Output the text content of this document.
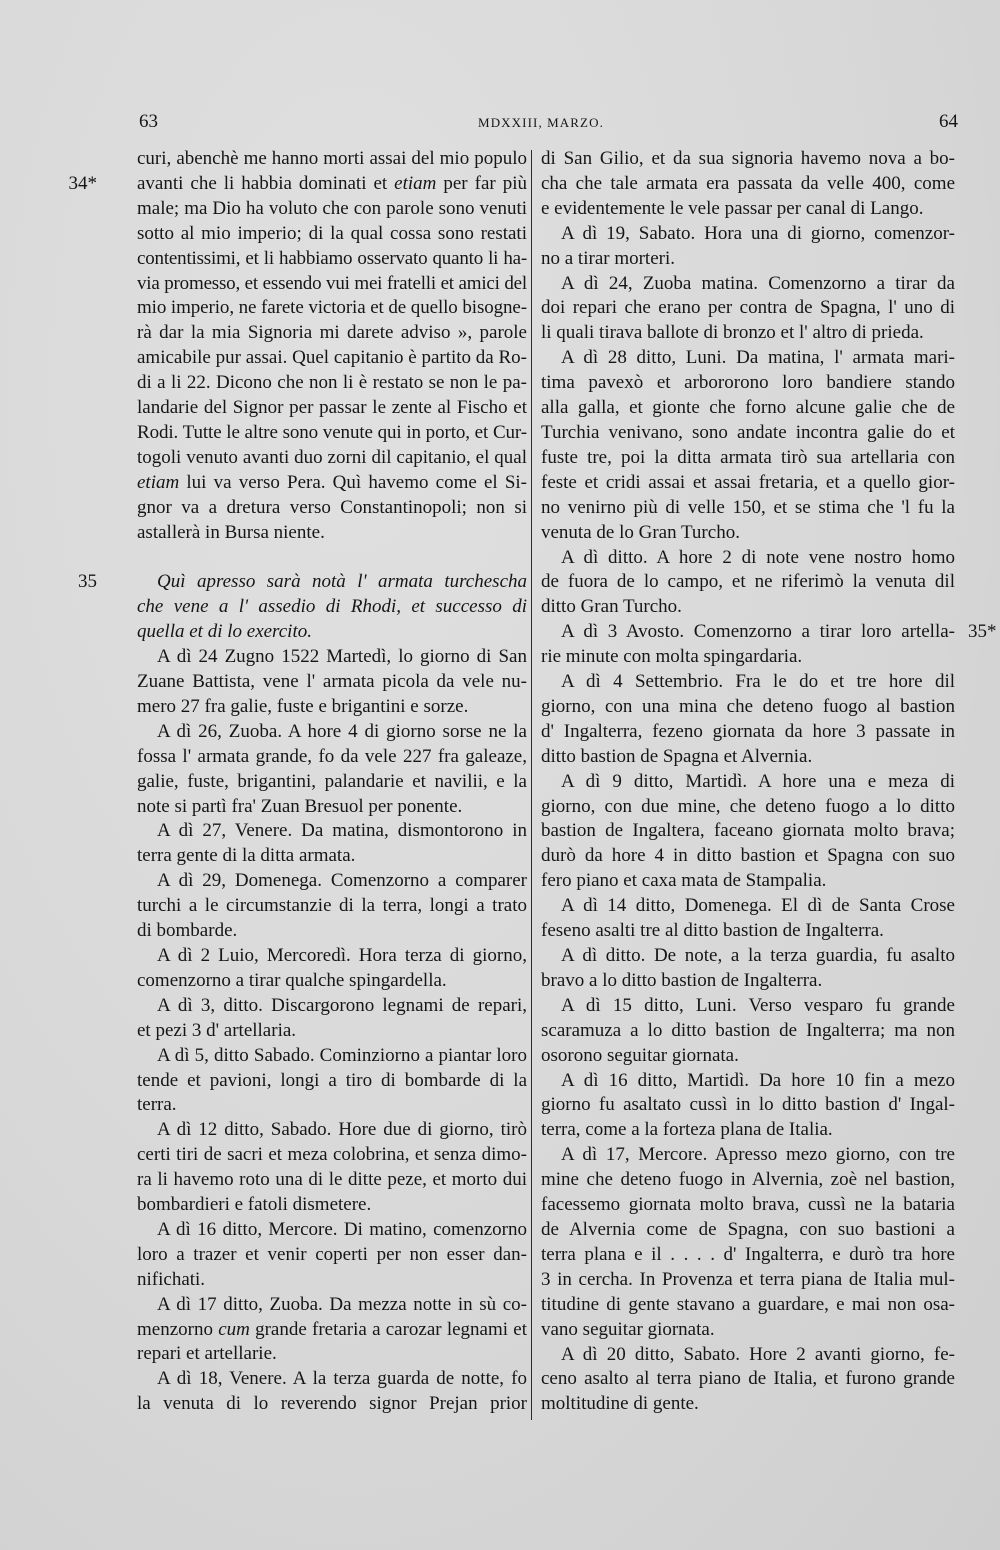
63	MDXXIII, MARZO.	64
curi, abenchè me hanno morti assai del mio populo
avanti che li habbia dominati et etiam per far più
34*
male; ma Dio ha voluto che con parole sono venuti
sotto al mio imperio; di la qual cossa sono restati
contentissimi, et li habbiamo osservato quanto li ha-
via promesso, et essendo vui mei fratelli et amici del
mio imperio, ne farete victoria et de quello bisogne-
rà dar la mia Signoria mi darete adviso », parole
amicabile pur assai. Quel capitanio è partito da Ro-
di a li 22. Dicono che non li è restato se non le pa-
landarie del Signor per passar le zente al Fischo et
Rodi. Tutte le altre sono venute qui in porto, et Cur-
togoli venuto avanti duo zorni dil capitanio, el qual
etiam lui va verso Pera. Quì havemo come el Si-
gnor va a dretura verso Constantinopoli; non si
astallerà in Bursa niente.
Quì apresso sarà notà l' armata turchescha
35
che vene a l' assedio di Rhodi, et successo di
quella et di lo exercito.
A dì 24 Zugno 1522 Martedì, lo giorno di San
Zuane Battista, vene l' armata picola da vele nu-
mero 27 fra galie, fuste e brigantini e sorze.
A dì 26, Zuoba. A hore 4 di giorno sorse ne la
fossa l' armata grande, fo da vele 227 fra galeaze,
galie, fuste, brigantini, palandarie et navilii, e la
note si partì fra' Zuan Bresuol per ponente.
A dì 27, Venere. Da matina, dismontorono in
terra gente di la ditta armata.
A dì 29, Domenega. Comenzorno a comparer
turchi a le circumstanzie di la terra, longi a trato
di bombarde.
A dì 2 Luio, Mercoredì. Hora terza di giorno,
comenzorno a tirar qualche spingardella.
A dì 3, ditto. Discargorono legnami de repari,
et pezi 3 d' artellaria.
A dì 5, ditto Sabado. Cominziorno a piantar loro
tende et pavioni, longi a tiro di bombarde di la
terra.
A dì 12 ditto, Sabado. Hore due di giorno, tirò
certi tiri de sacri et meza colobrina, et senza dimo-
ra li havemo roto una di le ditte peze, et morto dui
bombardieri e fatoli dismetere.
A dì 16 ditto, Mercore. Di matino, comenzorno
loro a trazer et venir coperti per non esser dan-
nifichati.
A dì 17 ditto, Zuoba. Da mezza notte in sù co-
menzorno cum grande fretaria a carozar legnami et
repari et artellarie.
A dì 18, Venere. A la terza guarda de notte, fo
la venuta di lo reverendo signor Prejan prior
di San Gilio, et da sua signoria havemo nova a bo-
cha che tale armata era passata da velle 400, come
e evidentemente le vele passar per canal di Lango.
A dì 19, Sabato. Hora una di giorno, comenzor-
no a tirar morteri.
A dì 24, Zuoba matina. Comenzorno a tirar da
doi repari che erano per contra de Spagna, l' uno di
li quali tirava ballote di bronzo et l' altro di prieda.
A dì 28 ditto, Luni. Da matina, l' armata mari-
tima pavexò et arbororono loro bandiere stando
alla galla, et gionte che forno alcune galie che de
Turchia venivano, sono andate incontra galie do et
fuste tre, poi la ditta armata tirò sua artellaria con
feste et cridi assai et assai fretaria, et a quello gior-
no venirno più di velle 150, et se stima che 'l fu la
venuta de lo Gran Turcho.
A dì ditto. A hore 2 di note vene nostro homo
de fuora de lo campo, et ne riferimò la venuta dil
ditto Gran Turcho.
A dì 3 Avosto. Comenzorno a tirar loro artella- 35*
rie minute con molta spingardaria.
A dì 4 Settembrio. Fra le do et tre hore dil
giorno, con una mina che deteno fuogo al bastion
d' Ingalterra, fezeno giornata da hore 3 passate in
ditto bastion de Spagna et Alvernia.
A dì 9 ditto, Martidì. A hore una e meza di
giorno, con due mine, che deteno fuogo a lo ditto
bastion de Ingaltera, faceano giornata molto brava;
durò da hore 4 in ditto bastion et Spagna con suo
fero piano et caxa mata de Stampalia.
A dì 14 ditto, Domenega. El dì de Santa Crose
feseno asalti tre al ditto bastion de Ingalterra.
A dì ditto. De note, a la terza guardia, fu asalto
bravo a lo ditto bastion de Ingalterra.
A dì 15 ditto, Luni. Verso vesparo fu grande
scaramuza a lo ditto bastion de Ingalterra; ma non
osorono seguitar giornata.
A dì 16 ditto, Martidì. Da hore 10 fin a mezo
giorno fu asaltato cussì in lo ditto bastion d' Ingal-
terra, come a la forteza plana de Italia.
A dì 17, Mercore. Apresso mezo giorno, con tre
mine che deteno fuogo in Alvernia, zoè nel bastion,
facessemo giornata molto brava, cussì ne la bataria
de Alvernia come de Spagna, con suo bastioni a
terra plana e il . . . . d' Ingalterra, e durò tra hore
3 in cercha. In Provenza et terra piana de Italia mul-
titudine di gente stavano a guardare, e mai non osa-
vano seguitar giornata.
A dì 20 ditto, Sabato. Hore 2 avanti giorno, fe-
ceno asalto al terra piano de Italia, et furono grande
moltitudine di gente.
